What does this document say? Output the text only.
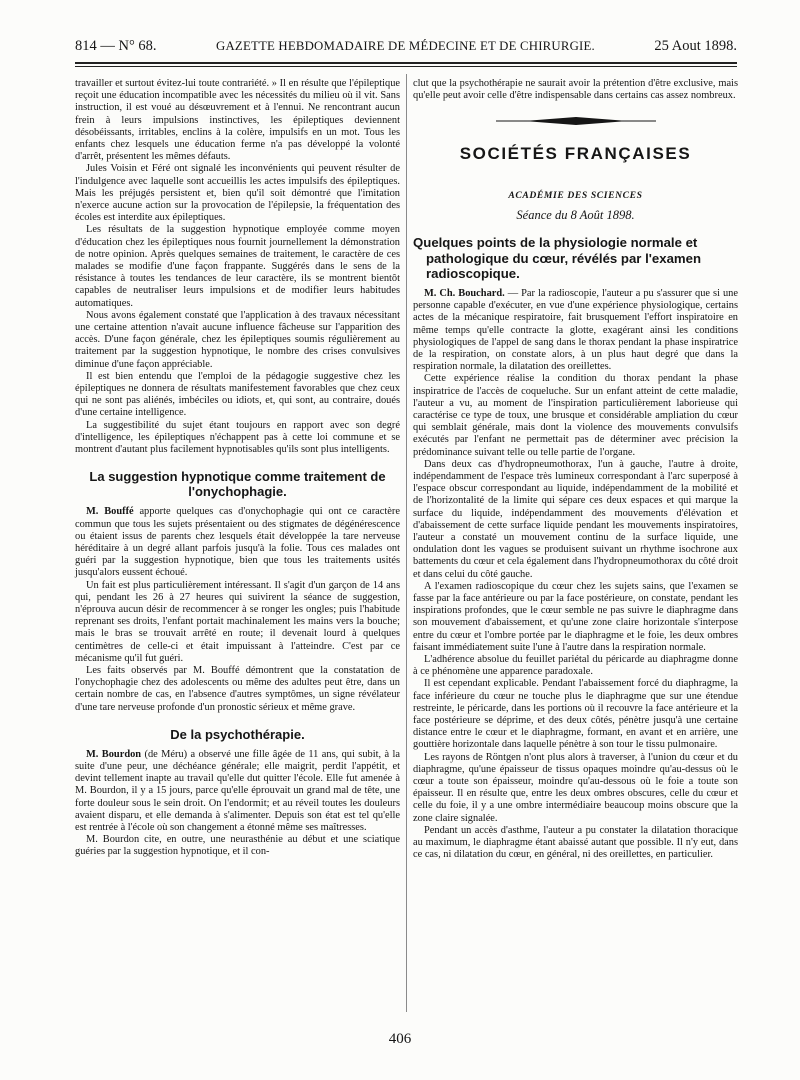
814 — N° 68.	GAZETTE HEBDOMADAIRE DE MÉDECINE ET DE CHIRURGIE.	25 Aout 1898.

travailler et surtout évitez-lui toute contrariété. » Il en résulte que l'épileptique reçoit une éducation incompatible avec les nécessités du milieu où il vit. Sans instruction, il est voué au désœuvrement et à l'ennui. Ne rencontrant aucun frein à leurs impulsions instinctives, les épileptiques deviennent désobéissants, irritables, enclins à la colère, impulsifs en un mot. Tous les enfants chez lesquels une éducation ferme n'a pas développé la volonté d'arrêt, présentent les mêmes défauts.

Jules Voisin et Féré ont signalé les inconvénients qui peuvent résulter de l'indulgence avec laquelle sont accueillis les actes impulsifs des épileptiques. Mais les préjugés persistent et, bien qu'il soit démontré que l'imitation n'exerce aucune action sur la provocation de l'épilepsie, la fréquentation des écoles est interdite aux épileptiques.

Les résultats de la suggestion hypnotique employée comme moyen d'éducation chez les épileptiques nous fournit journellement la démonstration de notre opinion. Après quelques semaines de traitement, le caractère de ces malades se modifie d'une façon frappante. Suggérés dans le sens de la résistance à toutes les tendances de leur caractère, ils se montrent bientôt capables de neutraliser leurs impulsions et de modifier leurs habitudes automatiques.

Nous avons également constaté que l'application à des travaux nécessitant une certaine attention n'avait aucune influence fâcheuse sur l'apparition des accès. D'une façon générale, chez les épileptiques soumis régulièrement au traitement par la suggestion hypnotique, le nombre des crises convulsives diminue d'une façon appréciable.

Il est bien entendu que l'emploi de la pédagogie suggestive chez les épileptiques ne donnera de résultats manifestement favorables que chez ceux qui ne sont pas aliénés, imbéciles ou idiots, et, qui sont, au contraire, doués d'une certaine intelligence.

La suggestibilité du sujet étant toujours en rapport avec son degré d'intelligence, les épileptiques n'échappent pas à cette loi commune et se montrent d'autant plus facilement hypnotisables qu'ils sont plus intelligents.

La suggestion hypnotique comme traitement de l'onychophagie.

M. Bouffé apporte quelques cas d'onychophagie qui ont ce caractère commun que tous les sujets présentaient ou des stigmates de dégénérescence ou étaient issus de parents chez lesquels était développée la tare nerveuse héréditaire à un degré allant parfois jusqu'à la folie. Tous ces malades ont guéri par la suggestion hypnotique, bien que tous les traitements usités jusqu'alors eussent échoué.

Un fait est plus particulièrement intéressant. Il s'agit d'un garçon de 14 ans qui, pendant les 26 à 27 heures qui suivirent la séance de suggestion, n'éprouva aucun désir de recommencer à se ronger les ongles; puis l'habitude reprenant ses droits, l'enfant portait machinalement les mains vers la bouche; mais le bras se trouvait arrêté en route; il devenait lourd à quelques centimètres de celle-ci et était impuissant à l'atteindre. C'est par ce mécanisme qu'il fut guéri.

Les faits observés par M. Bouffé démontrent que la constatation de l'onychophagie chez des adolescents ou même des adultes peut être, dans un certain nombre de cas, en l'absence d'autres symptômes, un signe révélateur d'une tare nerveuse profonde d'un pronostic sérieux et même grave.

De la psychothérapie.

M. Bourdon (de Méru) a observé une fille âgée de 11 ans, qui subit, à la suite d'une peur, une déchéance générale; elle maigrit, perdit l'appétit, et devint tellement inapte au travail qu'elle dut quitter l'école. Elle fut amenée à M. Bourdon, il y a 15 jours, parce qu'elle éprouvait un grand mal de tête, une forte douleur sous le sein droit. On l'endormit; et au réveil toutes les douleurs avaient disparu, et elle demanda à s'alimenter. Depuis son état est tel qu'elle est rentrée à l'école où son changement a étonné même ses maîtresses.

M. Bourdon cite, en outre, une neurasthénie au début et une sciatique guéries par la suggestion hypnotique, et il con-

clut que la psychothérapie ne saurait avoir la prétention d'être exclusive, mais qu'elle peut avoir celle d'être indispensable dans certains cas assez nombreux.

SOCIÉTÉS FRANÇAISES
ACADÉMIE DES SCIENCES
Séance du 8 Août 1898.
Quelques points de la physiologie normale et pathologique du cœur, révélés par l'examen radioscopique.

M. Ch. Bouchard. — Par la radioscopie, l'auteur a pu s'assurer que si une personne capable d'exécuter, en vue d'une expérience physiologique, certains actes de la mécanique respiratoire, fait brusquement l'effort inspiratoire en même temps qu'elle contracte la glotte, exagérant ainsi les conditions physiologiques de l'appel de sang dans le thorax pendant la phase inspiratrice de la respiration, on constate alors, à un plus haut degré que dans la respiration normale, la dilatation des oreillettes.

Cette expérience réalise la condition du thorax pendant la phase inspiratrice de l'accès de coqueluche. Sur un enfant atteint de cette maladie, l'auteur a vu, au moment de l'inspiration particulièrement laborieuse qui caractérise ce type de toux, une brusque et considérable ampliation du cœur qui semblait générale, mais dont la violence des mouvements convulsifs exécutés par l'enfant ne permettait pas de déterminer avec précision la prédominance suivant telle ou telle partie de l'organe.

Dans deux cas d'hydropneumothorax, l'un à gauche, l'autre à droite, indépendamment de l'espace très lumineux correspondant à l'arc superposé à l'espace obscur correspondant au liquide, indépendamment de la mobilité et de l'horizontalité de la limite qui sépare ces deux espaces et qui marque la surface du liquide, indépendamment des mouvements d'élévation et d'abaissement de cette surface liquide pendant les mouvements inspiratoires, l'auteur a constaté un mouvement continu de la surface liquide, une ondulation dont les vagues se produisent suivant un rhythme isochrone aux battements du cœur et cela également dans l'hydropneumothorax du côté droit et dans celui du côté gauche.

A l'examen radioscopique du cœur chez les sujets sains, que l'examen se fasse par la face antérieure ou par la face postérieure, on constate, pendant les inspirations profondes, que le cœur semble ne pas suivre le diaphragme dans son mouvement d'abaissement, et qu'une zone claire horizontale s'interpose entre du cœur et l'ombre portée par le diaphragme et le foie, les deux ombres faisant immédiatement suite l'une à l'autre dans la respiration normale.

L'adhérence absolue du feuillet pariétal du péricarde au diaphragme donne à ce phénomène une apparence paradoxale.

Il est cependant explicable. Pendant l'abaissement forcé du diaphragme, la face inférieure du cœur ne touche plus le diaphragme que sur une étendue restreinte, le péricarde, dans les portions où il recouvre la face antérieure et la face postérieure se déprime, et des deux côtés, pénètre jusqu'à une certaine distance entre le cœur et le diaphragme, formant, en avant et en arrière, une gouttière horizontale dans laquelle pénètre à son tour le tissu pulmonaire.

Les rayons de Röntgen n'ont plus alors à traverser, à l'union du cœur et du diaphragme, qu'une épaisseur de tissus opaques moindre qu'au-dessus où le cœur a toute son épaisseur, moindre qu'au-dessous où le foie a toute son épaisseur. Il en résulte que, entre les deux ombres obscures, celle du cœur et celle du foie, il y a une ombre intermédiaire beaucoup moins obscure que la zone claire signalée.

Pendant un accès d'asthme, l'auteur a pu constater la dilatation thoracique au maximum, le diaphragme étant abaissé autant que possible. Il n'y eut, dans ce cas, ni dilatation du cœur, en général, ni des oreillettes, en particulier.

406
